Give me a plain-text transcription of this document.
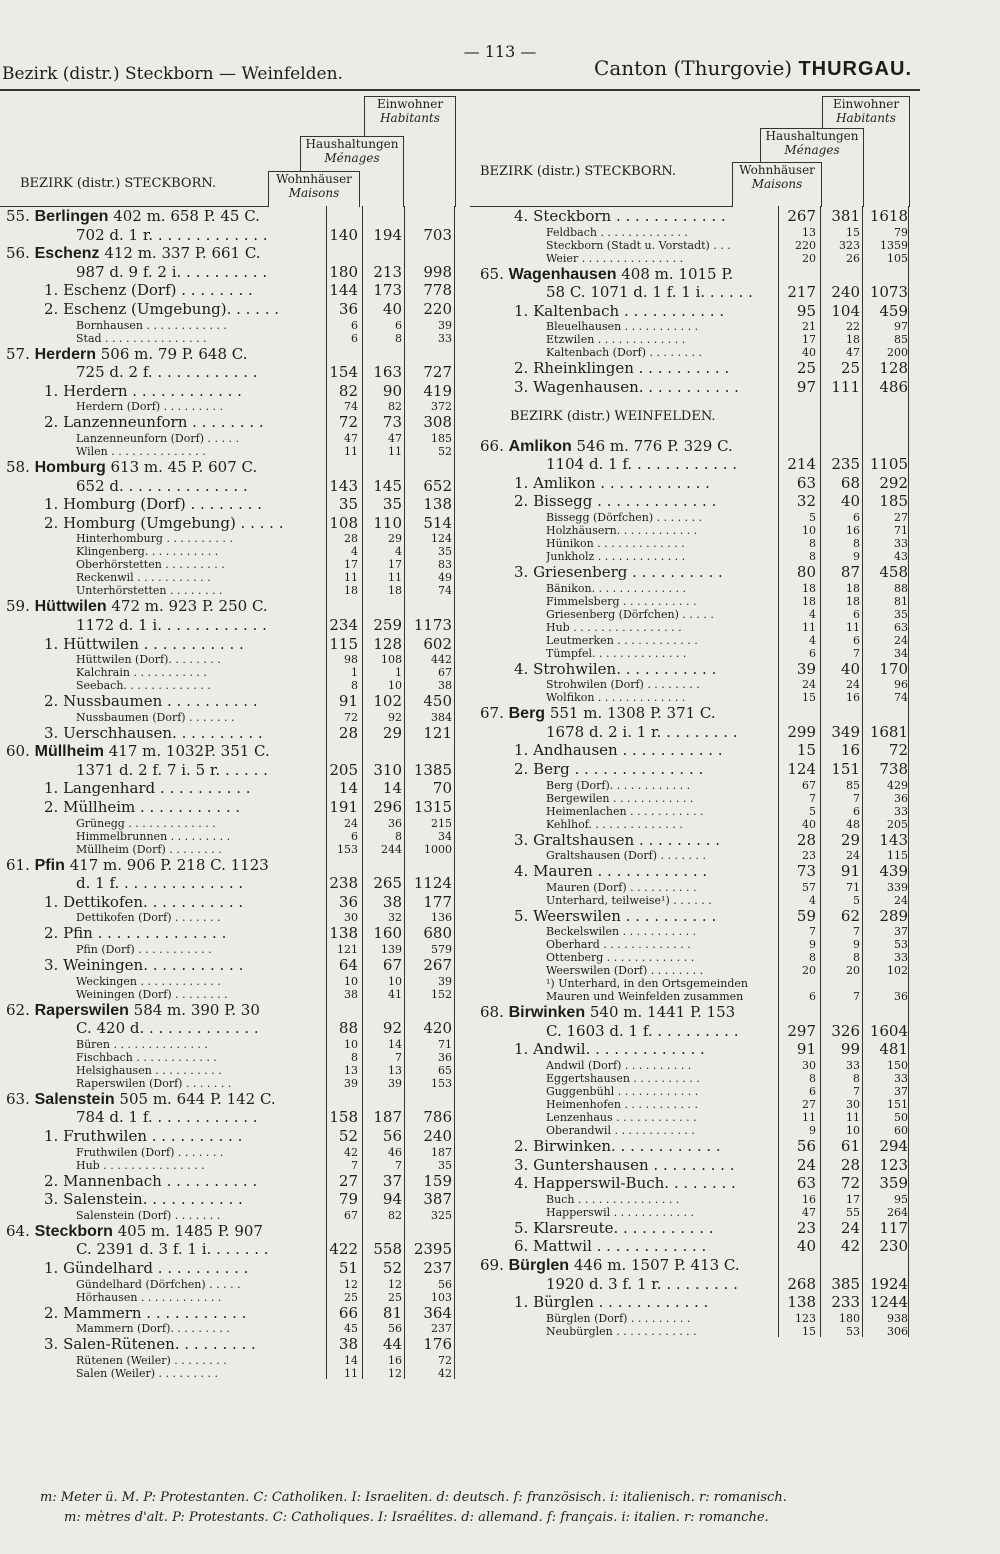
— 113 —
Bezirk (distr.) Steckborn — Weinfelden.	Canton (Thurgovie) THURGAU.
Einwohner
Habitants
Haushaltungen
Ménages
Wohnhäuser
Maisons
BEZIRK (distr.) STECKBORN.
55. Berlingen 402 m. 658 P. 45 C.
702 d. 1 r. . . . . . . . . . . . .	140	194	703
56. Eschenz 412 m. 337 P. 661 C.
987 d. 9 f. 2 i. . . . . . . . . .	180	213	998
1. Eschenz (Dorf) . . . . . . . .	144	173	778
2. Eschenz (Umgebung). . . . . .	36	40	220
Bornhausen . . . . . . . . . . . .	6	6	39
Stad . . . . . . . . . . . . . . .	6	8	33
57. Herdern 506 m. 79 P. 648 C.
725 d. 2 f. . . . . . . . . . . .	154	163	727
1. Herdern . . . . . . . . . . . .	82	90	419
Herdern (Dorf) . . . . . . . . .	74	82	372
2. Lanzenneunforn . . . . . . . .	72	73	308
Lanzenneunforn (Dorf) . . . . .	47	47	185
Wilen . . . . . . . . . . . . . .	11	11	52
58. Homburg 613 m. 45 P. 607 C.
652 d. . . . . . . . . . . . . .	143	145	652
1. Homburg (Dorf) . . . . . . . .	35	35	138
2. Homburg (Umgebung) . . . . .	108	110	514
Hinterhomburg . . . . . . . . . .	28	29	124
Klingenberg. . . . . . . . . . .	4	4	35
Oberhörstetten . . . . . . . . .	17	17	83
Reckenwil . . . . . . . . . . .	11	11	49
Unterhörstetten . . . . . . . .	18	18	74
59. Hüttwilen 472 m. 923 P. 250 C.
1172 d. 1 i. . . . . . . . . . . .	234	259 1173
1. Hüttwilen . . . . . . . . . . .	115	128	602
Hüttwilen (Dorf). . . . . . . .	98	108	442
Kalchrain . . . . . . . . . . .	1	1	67
Seebach. . . . . . . . . . . . .	8	10	38
2. Nussbaumen . . . . . . . . . .	91	102	450
Nussbaumen (Dorf) . . . . . . .	72	92	384
3. Uerschhausen. . . . . . . . . .	28	29	121
60. Müllheim 417 m. 1032P. 351 C.
1371 d. 2 f. 7 i. 5 r. . . . . .	205	310 1385
1. Langenhard . . . . . . . . . .	14	14	70
2. Müllheim . . . . . . . . . . .	191	296 1315
Grünegg . . . . . . . . . . . . .	24	36	215
Himmelbrunnen . . . . . . . . .	6	8	34
Müllheim (Dorf) . . . . . . . .	153	244	1000
61. Pfin 417 m. 906 P. 218 C. 1123
d. 1 f. . . . . . . . . . . . . .	238	265 1124
1. Dettikofen. . . . . . . . . . .	36	38	177
Dettikofen (Dorf) . . . . . . .	30	32	136
2. Pfin . . . . . . . . . . . . . .	138	160	680
Pfin (Dorf) . . . . . . . . . . .	121	139	579
3. Weiningen. . . . . . . . . . .	64	67	267
Weckingen . . . . . . . . . . . .	10	10	39
Weiningen (Dorf) . . . . . . . .	38	41	152
62. Raperswilen 584 m. 390 P. 30
C. 420 d. . . . . . . . . . . . .	88	92	420
Büren . . . . . . . . . . . . . .	10	14	71
Fischbach . . . . . . . . . . . .	8	7	36
Helsighausen . . . . . . . . . .	13	13	65
Raperswilen (Dorf) . . . . . . .	39	39	153
63. Salenstein 505 m. 644 P. 142 C.
784 d. 1 f. . . . . . . . . . . .	158	187	786
1. Fruthwilen . . . . . . . . . .	52	56	240
Fruthwilen (Dorf) . . . . . . .	42	46	187
Hub . . . . . . . . . . . . . . .	7	7	35
2. Mannenbach . . . . . . . . . .	27	37	159
3. Salenstein. . . . . . . . . . .	79	94	387
Salenstein (Dorf) . . . . . . .	67	82	325
64. Steckborn 405 m. 1485 P. 907
C. 2391 d. 3 f. 1 i. . . . . . .	422	558 2395
1. Gündelhard . . . . . . . . . .	51	52	237
Gündelhard (Dörfchen) . . . . .	12	12	56
Hörhausen . . . . . . . . . . . .	25	25	103
2. Mammern . . . . . . . . . . .	66	81	364
Mammern (Dorf). . . . . . . . .	45	56	237
3. Salen-Rütenen. . . . . . . . .	38	44	176
Rütenen (Weiler) . . . . . . . .	14	16	72
Salen (Weiler) . . . . . . . . .	11	12	42
Einwohner
Habitants
Haushaltungen
Ménages
Wohnhäuser
Maisons
BEZIRK (distr.) STECKBORN.
4. Steckborn . . . . . . . . . . . .	267	381 1618
Feldbach . . . . . . . . . . . . .	13	15	79
Steckborn (Stadt u. Vorstadt) . . .	220	323	1359
Weier . . . . . . . . . . . . . . .	20	26	105
65. Wagenhausen 408 m. 1015 P.
58 C. 1071 d. 1 f. 1 i. . . . . .	217	240 1073
1. Kaltenbach . . . . . . . . . . .	95	104	459
Bleuelhausen . . . . . . . . . . .	21	22	97
Etzwilen . . . . . . . . . . . . .	17	18	85
Kaltenbach (Dorf) . . . . . . . .	40	47	200
2. Rheinklingen . . . . . . . . . .	25	25	128
3. Wagenhausen. . . . . . . . . . .	97	111	486
BEZIRK (distr.) WEINFELDEN.
66. Amlikon 546 m. 776 P. 329 C.
1104 d. 1 f. . . . . . . . . . . .	214	235 1105
1. Amlikon . . . . . . . . . . . .	63	68	292
2. Bissegg . . . . . . . . . . . . .	32	40	185
Bissegg (Dörfchen) . . . . . . .	5	6	27
Holzhäusern. . . . . . . . . . . .	10	16	71
Hünikon . . . . . . . . . . . . .	8	8	33
Junkholz . . . . . . . . . . . . .	8	9	43
3. Griesenberg . . . . . . . . . .	80	87	458
Bänikon. . . . . . . . . . . . . .	18	18	88
Fimmelsberg . . . . . . . . . . .	18	18	81
Griesenberg (Dörfchen) . . . . .	4	6	35
Hub . . . . . . . . . . . . . . . .	11	11	63
Leutmerken . . . . . . . . . . . .	4	6	24
Tümpfel. . . . . . . . . . . . . .	6	7	34
4. Strohwilen. . . . . . . . . . .	39	40	170
Strohwilen (Dorf) . . . . . . . .	24	24	96
Wolfikon . . . . . . . . . . . . .	15	16	74
67. Berg 551 m. 1308 P. 371 C.
1678 d. 2 i. 1 r. . . . . . . . .	299	349 1681
1. Andhausen . . . . . . . . . . .	15	16	72
2. Berg . . . . . . . . . . . . . .	124	151	738
Berg (Dorf). . . . . . . . . . . .	67	85	429
Bergewilen . . . . . . . . . . . .	7	7	36
Heimenlachen . . . . . . . . . . .	5	6	33
Kehlhof. . . . . . . . . . . . . .	40	48	205
3. Graltshausen . . . . . . . . .	28	29	143
Graltshausen (Dorf) . . . . . . .	23	24	115
4. Mauren . . . . . . . . . . . .	73	91	439
Mauren (Dorf) . . . . . . . . . .	57	71	339
Unterhard, teilweise¹) . . . . . .	4	5	24
5. Weerswilen . . . . . . . . . .	59	62	289
Beckelswilen . . . . . . . . . . .	7	7	37
Oberhard . . . . . . . . . . . . .	9	9	53
Ottenberg . . . . . . . . . . . . .	8	8	33
Weerswilen (Dorf) . . . . . . . .	20	20	102
¹) Unterhard, in den Ortsgemeinden
Mauren und Weinfelden zusammen	6	7	36
68. Birwinken 540 m. 1441 P. 153
C. 1603 d. 1 f. . . . . . . . . .	297	326 1604
1. Andwil. . . . . . . . . . . . .	91	99	481
Andwil (Dorf) . . . . . . . . . .	30	33	150
Eggertshausen . . . . . . . . . .	8	8	33
Guggenbühl . . . . . . . . . . . .	6	7	37
Heimenhofen . . . . . . . . . . .	27	30	151
Lenzenhaus . . . . . . . . . . . .	11	11	50
Oberandwil . . . . . . . . . . . .	9	10	60
2. Birwinken. . . . . . . . . . . .	56	61	294
3. Guntershausen . . . . . . . . .	24	28	123
4. Happerswil-Buch. . . . . . . .	63	72	359
Buch . . . . . . . . . . . . . . .	16	17	95
Happerswil . . . . . . . . . . . .	47	55	264
5. Klarsreute. . . . . . . . . . .	23	24	117
6. Mattwil . . . . . . . . . . . .	40	42	230
69. Bürglen 446 m. 1507 P. 413 C.
1920 d. 3 f. 1 r. . . . . . . . .	268	385 1924
1. Bürglen . . . . . . . . . . . .	138	233 1244
Bürglen (Dorf) . . . . . . . . .	123	180	938
Neubürglen . . . . . . . . . . . .	15	53	306
m: Meter ü. M. P: Protestanten. C: Catholiken. I: Israeliten. d: deutsch. f: französisch. i: italienisch. r: romanisch.
m: mètres d'alt. P: Protestants. C: Catholiques. I: Israélites. d: allemand. f: français. i: italien. r: romanche.
